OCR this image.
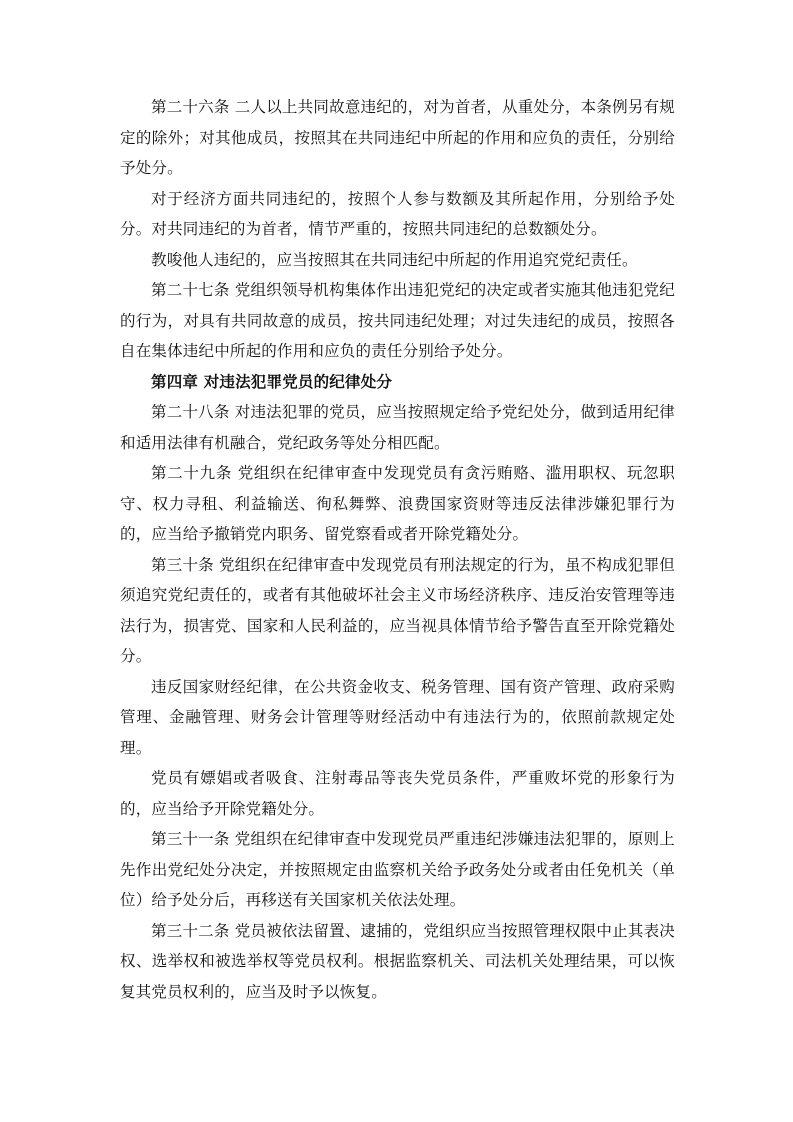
第二十六条 二人以上共同故意违纪的，对为首者，从重处分，本条例另有规定的除外；对其他成员，按照其在共同违纪中所起的作用和应负的责任，分别给予处分。

对于经济方面共同违纪的，按照个人参与数额及其所起作用，分别给予处分。对共同违纪的为首者，情节严重的，按照共同违纪的总数额处分。

教唆他人违纪的，应当按照其在共同违纪中所起的作用追究党纪责任。

第二十七条 党组织领导机构集体作出违犯党纪的决定或者实施其他违犯党纪的行为，对具有共同故意的成员，按共同违纪处理；对过失违纪的成员，按照各自在集体违纪中所起的作用和应负的责任分别给予处分。

第四章 对违法犯罪党员的纪律处分

第二十八条 对违法犯罪的党员，应当按照规定给予党纪处分，做到适用纪律和适用法律有机融合，党纪政务等处分相匹配。

第二十九条 党组织在纪律审查中发现党员有贪污贿赂、滥用职权、玩忽职守、权力寻租、利益输送、徇私舞弊、浪费国家资财等违反法律涉嫌犯罪行为的，应当给予撤销党内职务、留党察看或者开除党籍处分。

第三十条 党组织在纪律审查中发现党员有刑法规定的行为，虽不构成犯罪但须追究党纪责任的，或者有其他破坏社会主义市场经济秩序、违反治安管理等违法行为，损害党、国家和人民利益的，应当视具体情节给予警告直至开除党籍处分。

违反国家财经纪律，在公共资金收支、税务管理、国有资产管理、政府采购管理、金融管理、财务会计管理等财经活动中有违法行为的，依照前款规定处理。

党员有嫖娼或者吸食、注射毒品等丧失党员条件，严重败坏党的形象行为的，应当给予开除党籍处分。

第三十一条 党组织在纪律审查中发现党员严重违纪涉嫌违法犯罪的，原则上先作出党纪处分决定，并按照规定由监察机关给予政务处分或者由任免机关（单位）给予处分后，再移送有关国家机关依法处理。

第三十二条 党员被依法留置、逮捕的，党组织应当按照管理权限中止其表决权、选举权和被选举权等党员权利。根据监察机关、司法机关处理结果，可以恢复其党员权利的，应当及时予以恢复。
